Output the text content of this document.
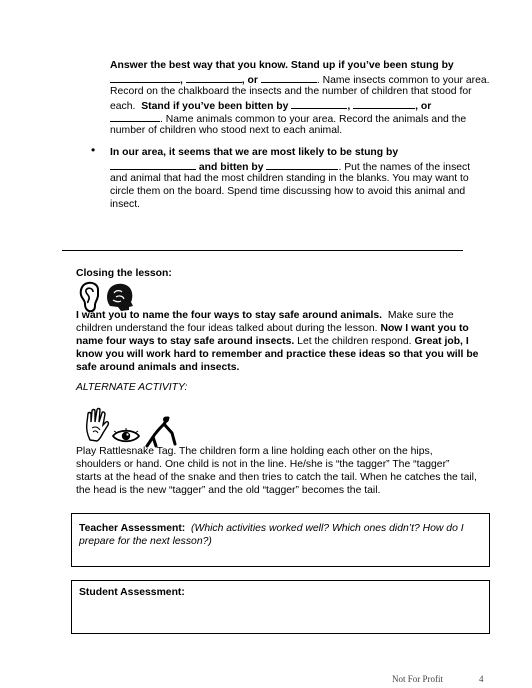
Answer the best way that you know. Stand up if you’ve been stung by

,	, or	. Name insects common to your area.

Record on the chalkboard the insects and the number of children that stood for

each. Stand if you’ve been bitten by	,	, or

. Name animals common to your area. Record the animals and the

number of children who stood next to each animal.

• In our area, it seems that we are most likely to be stung by

and bitten by	. Put the names of the insect

and animal that had the most children standing in the blanks. You may want to

circle them on the board. Spend time discussing how to avoid this animal and

insect.

Closing the lesson:

I want you to name the four ways to stay safe around animals. Make sure the

children understand the four ideas talked about during the lesson. Now I want you to

name four ways to stay safe around insects. Let the children respond. Great job, I

know you will work hard to remember and practice these ideas so that you will be

safe around animals and insects.

ALTERNATE ACTIVITY:

Play Rattlesnake Tag. The children form a line holding each other on the hips,

shoulders or hand. One child is not in the line. He/she is “the tagger” The “tagger”

starts at the head of the snake and then tries to catch the tail. When he catches the tail,

the head is the new “tagger” and the old “tagger” becomes the tail.

Teacher Assessment: (Which activities worked well? Which ones didn’t? How do I

prepare for the next lesson?)

Student Assessment:

Not For Profit	4
